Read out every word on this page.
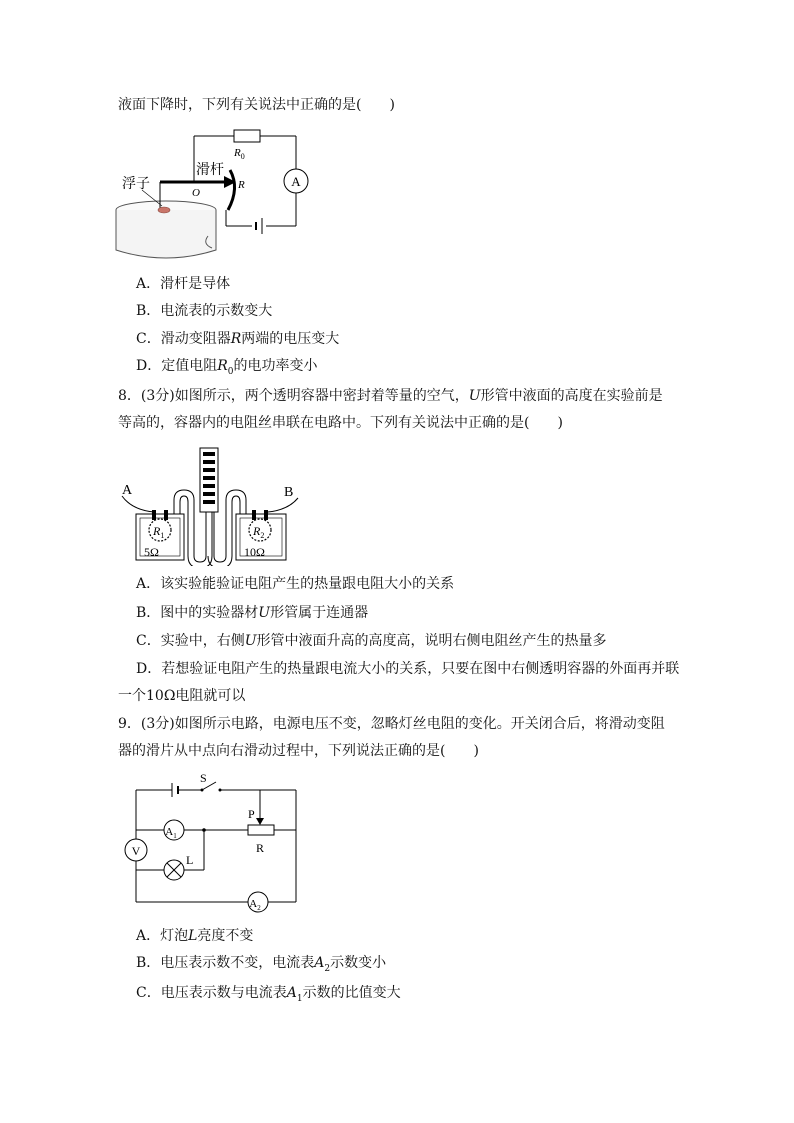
液面下降时，下列有关说法中正确的是(　　)
A
$R_0$
滑杆
浮子
O
R
A．滑杆是导体
B．电流表的示数变大
C．滑动变阻器R两端的电压变大
D．定值电阻$R_0$的电功率变小
8．(3分)如图所示，两个透明容器中密封着等量的空气，U形管中液面的高度在实验前是
等高的，容器内的电阻丝串联在电路中。下列有关说法中正确的是(　　)
A	B
$R_1$	$R_2$
5Ω	10Ω
A．该实验能验证电阻产生的热量跟电阻大小的关系
B．图中的实验器材U形管属于连通器
C．实验中，右侧U形管中液面升高的高度高，说明右侧电阻丝产生的热量多
D．若想验证电阻产生的热量跟电流大小的关系，只要在图中右侧透明容器的外面再并联
一个10Ω电阻就可以
9．(3分)如图所示电路，电源电压不变，忽略灯丝电阻的变化。开关闭合后，将滑动变阻
器的滑片从中点向右滑动过程中，下列说法正确的是(　　)
S
V
$A_1$
P
R
L
$A_2$
A．灯泡L亮度不变
B．电压表示数不变，电流表$A_2$示数变小
C．电压表示数与电流表$A_1$示数的比值变大
